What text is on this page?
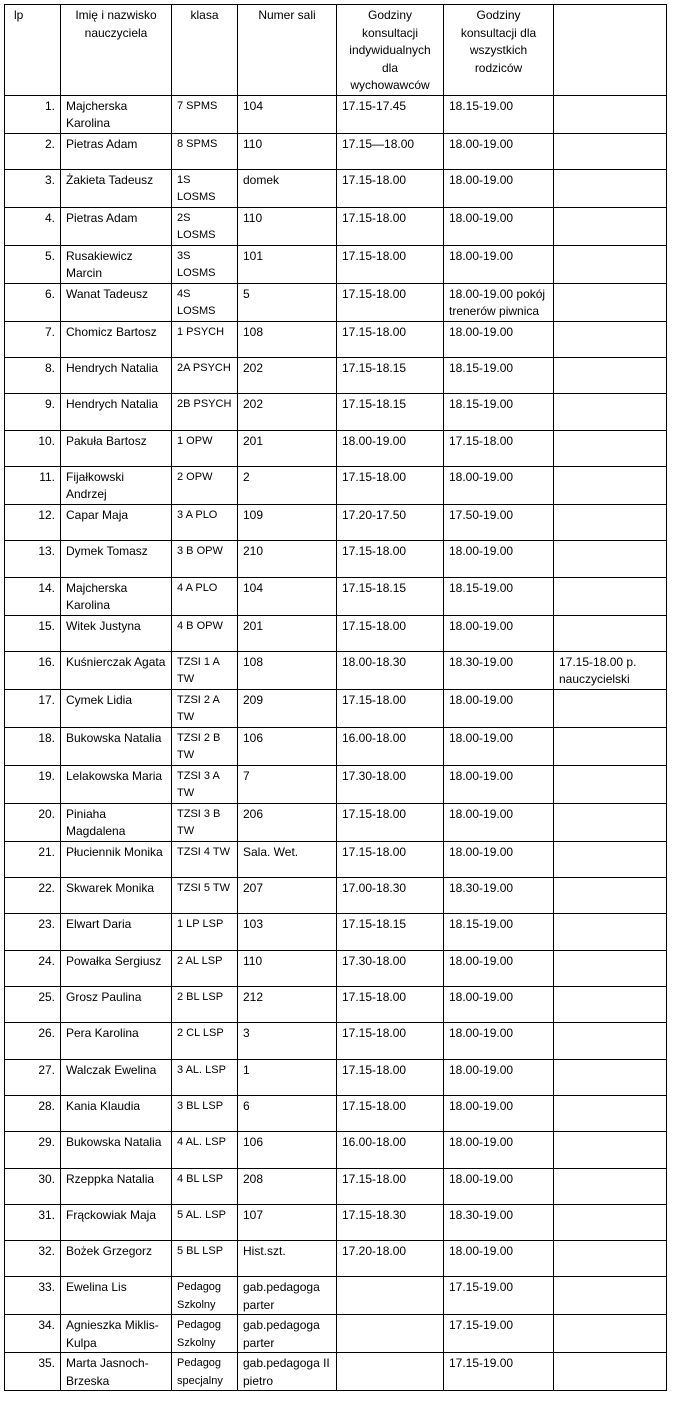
lp	Imię i nazwisko nauczyciela	klasa	Numer sali	Godziny konsultacji indywidualnych dla wychowawców	Godziny konsultacji dla wszystkich rodziców	
1.	Majcherska Karolina	7 SPMS	104	17.15-17.45	18.15-19.00	
2.	Pietras Adam	8 SPMS	110	17.15—18.00	18.00-19.00	
3.	Żakieta Tadeusz	1S LOSMS	domek	17.15-18.00	18.00-19.00	
4.	Pietras Adam	2S LOSMS	110	17.15-18.00	18.00-19.00	
5.	Rusakiewicz Marcin	3S LOSMS	101	17.15-18.00	18.00-19.00	
6.	Wanat Tadeusz	4S LOSMS	5	17.15-18.00	18.00-19.00 pokój trenerów piwnica	
7.	Chomicz Bartosz	1 PSYCH	108	17.15-18.00	18.00-19.00	
8.	Hendrych Natalia	2A PSYCH	202	17.15-18.15	18.15-19.00	
9.	Hendrych Natalia	2B PSYCH	202	17.15-18.15	18.15-19.00	
10.	Pakuła Bartosz	1 OPW	201	18.00-19.00	17.15-18.00	
11.	Fijałkowski Andrzej	2 OPW	2	17.15-18.00	18.00-19.00	
12.	Capar Maja	3 A PLO	109	17.20-17.50	17.50-19.00	
13.	Dymek Tomasz	3 B OPW	210	17.15-18.00	18.00-19.00	
14.	Majcherska Karolina	4 A PLO	104	17.15-18.15	18.15-19.00	
15.	Witek Justyna	4 B OPW	201	17.15-18.00	18.00-19.00	
16.	Kuśnierczak Agata	TZSI 1 A TW	108	18.00-18.30	18.30-19.00	17.15-18.00 p. nauczycielski
17.	Cymek Lidia	TZSI 2 A TW	209	17.15-18.00	18.00-19.00	
18.	Bukowska Natalia	TZSI 2 B TW	106	16.00-18.00	18.00-19.00	
19.	Lelakowska Maria	TZSI 3 A TW	7	17.30-18.00	18.00-19.00	
20.	Piniaha Magdalena	TZSI 3 B TW	206	17.15-18.00	18.00-19.00	
21.	Płuciennik Monika	TZSI 4 TW	Sala. Wet.	17.15-18.00	18.00-19.00	
22.	Skwarek Monika	TZSI 5 TW	207	17.00-18.30	18.30-19.00	
23.	Elwart Daria	1 LP LSP	103	17.15-18.15	18.15-19.00	
24.	Powałka Sergiusz	2 AL LSP	110	17.30-18.00	18.00-19.00	
25.	Grosz Paulina	2 BL LSP	212	17.15-18.00	18.00-19.00	
26.	Pera Karolina	2 CL LSP	3	17.15-18.00	18.00-19.00	
27.	Walczak Ewelina	3 AL. LSP	1	17.15-18.00	18.00-19.00	
28.	Kania Klaudia	3 BL LSP	6	17.15-18.00	18.00-19.00	
29.	Bukowska Natalia	4 AL. LSP	106	16.00-18.00	18.00-19.00	
30.	Rzeppka Natalia	4 BL LSP	208	17.15-18.00	18.00-19.00	
31.	Frąckowiak Maja	5 AL. LSP	107	17.15-18.30	18.30-19.00	
32.	Bożek Grzegorz	5 BL LSP	Hist.szt.	17.20-18.00	18.00-19.00	
33.	Ewelina Lis	Pedagog Szkolny	gab.pedagoga parter		17.15-19.00	
34.	Agnieszka Miklis-Kulpa	Pedagog Szkolny	gab.pedagoga parter		17.15-19.00	
35.	Marta Jasnoch-Brzeska	Pedagog specjalny	gab.pedagoga II pietro		17.15-19.00	
